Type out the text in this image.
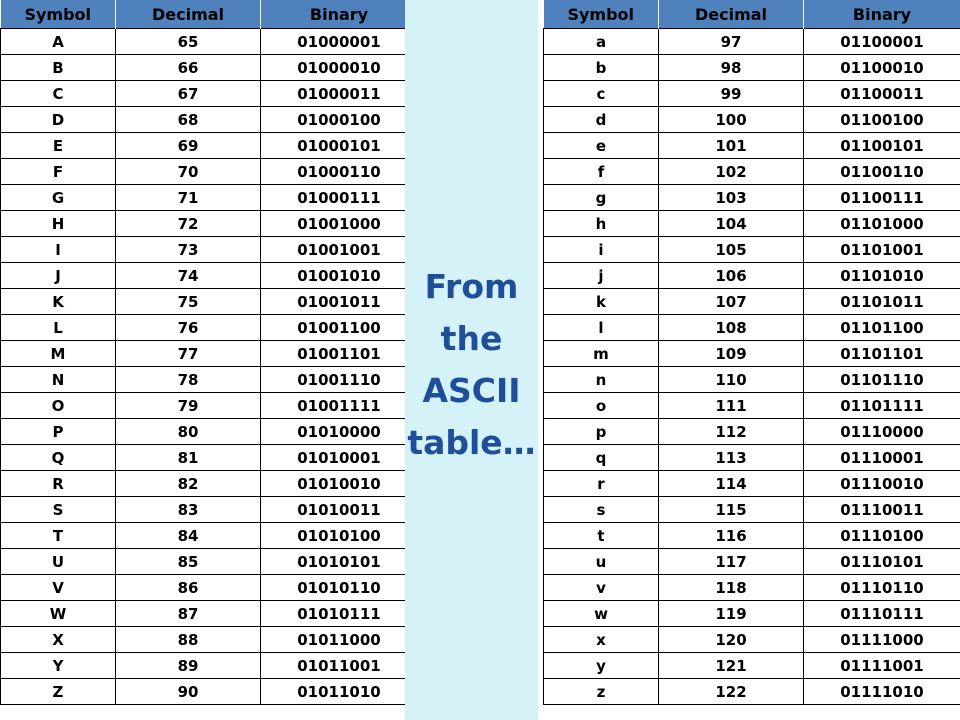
Symbol	Decimal	Binary
A	65	01000001
B	66	01000010
C	67	01000011
D	68	01000100
E	69	01000101
F	70	01000110
G	71	01000111
H	72	01001000
I	73	01001001
J	74	01001010
K	75	01001011
L	76	01001100
M	77	01001101
N	78	01001110
O	79	01001111
P	80	01010000
Q	81	01010001
R	82	01010010
S	83	01010011
T	84	01010100
U	85	01010101
V	86	01010110
W	87	01010111
X	88	01011000
Y	89	01011001
Z	90	01011010
From the ASCII table…
Symbol	Decimal	Binary
a	97	01100001
b	98	01100010
c	99	01100011
d	100	01100100
e	101	01100101
f	102	01100110
g	103	01100111
h	104	01101000
i	105	01101001
j	106	01101010
k	107	01101011
l	108	01101100
m	109	01101101
n	110	01101110
o	111	01101111
p	112	01110000
q	113	01110001
r	114	01110010
s	115	01110011
t	116	01110100
u	117	01110101
v	118	01110110
w	119	01110111
x	120	01111000
y	121	01111001
z	122	01111010
